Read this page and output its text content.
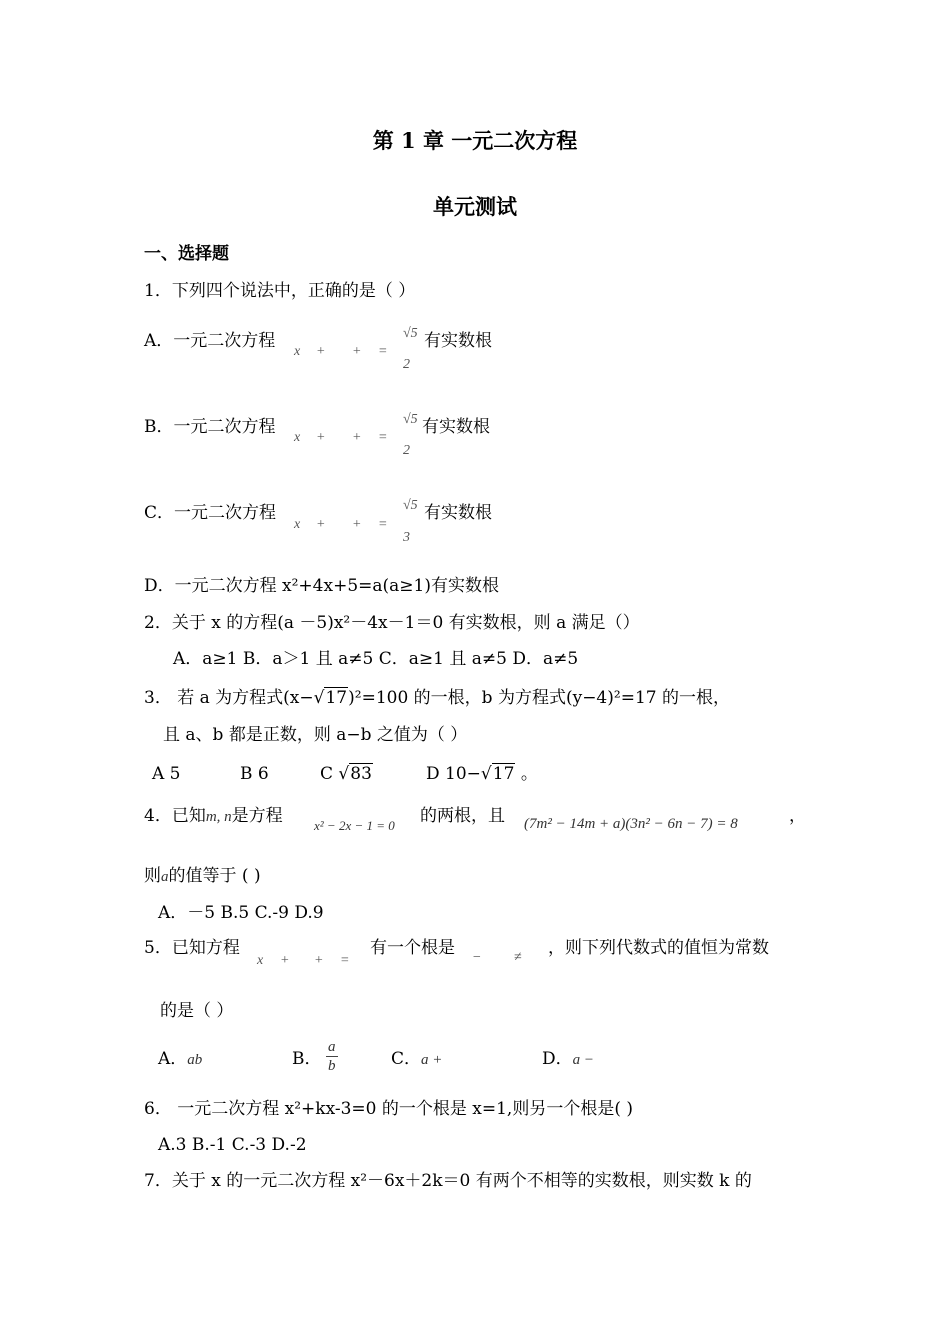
第 1 章 一元二次方程
单元测试
一、选择题
1．下列四个说法中，正确的是（ ）
A．一元二次方程
x + + =
√5
2
有实数根
B．一元二次方程
x + + =
√5
2
有实数根
C．一元二次方程
x + + =
√5
3
有实数根
D．一元二次方程 x²+4x+5=a(a≥1)有实数根
2．关于 x 的方程(a －5)x²－4x－1＝0 有实数根，则 a 满足（）
A．a≥1 B．a＞1 且 a≠5 C．a≥1 且 a≠5 D．a≠5
3． 若 a 为方程式(x−√17)²=100 的一根，b 为方程式(y−4)²=17 的一根，
且 a、b 都是正数，则 a−b 之值为（ ）
A 5	B 6	C √83	D 10−√17 。
4．已知m, n是方程 x² − 2x − 1 = 0 的两根，且 (7m² − 14m + a)(3n² − 6n − 7) = 8	，
则a的值等于 ( )
A．－5 B.5 C.-9 D.9
5．已知方程
x + + =
有一个根是 − ≠ ，则下列代数式的值恒为常数
的是（ ）
A．ab	B． $\frac{a}{b}$	C．a +	D．a −
6． 一元二次方程 x²+kx-3=0 的一个根是 x=1,则另一个根是( )
A.3 B.-1 C.-3 D.-2
7．关于 x 的一元二次方程 x²－6x＋2k＝0 有两个不相等的实数根，则实数 k 的
